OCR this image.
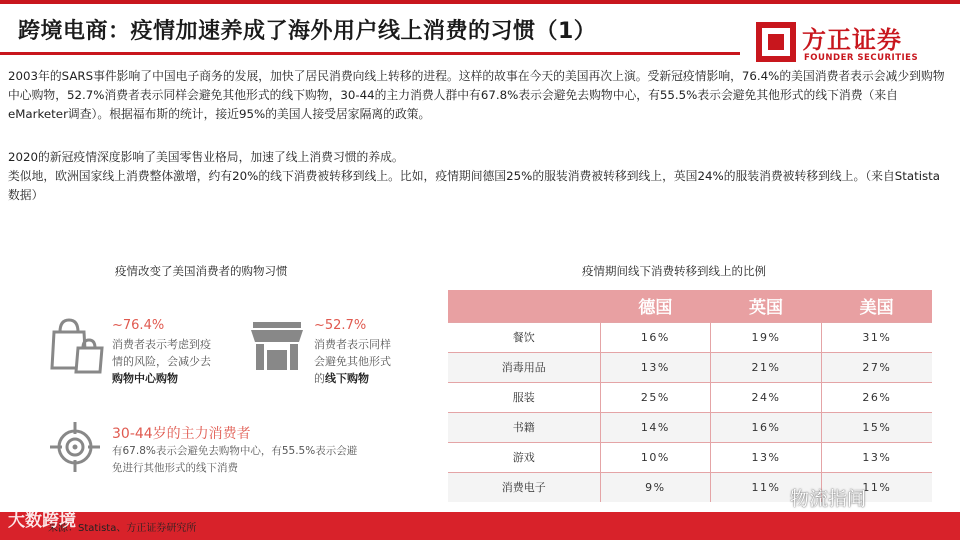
跨境电商：疫情加速养成了海外用户线上消费的习惯（1）	方正证券
FOUNDER SECURITIES
2003年的SARS事件影响了中国电子商务的发展，加快了居民消费向线上转移的进程。这样的故事在今天的美国再次上演。受新冠疫情影响，76.4%的美国消费者表示会减少到购物中心购物，52.7%消费者表示同样会避免其他形式的线下购物，30-44的主力消费人群中有67.8%表示会避免去购物中心，有55.5%表示会避免其他形式的线下消费（来自eMarketer调查）。根据福布斯的统计，接近95%的美国人接受居家隔离的政策。
2020的新冠疫情深度影响了美国零售业格局，加速了线上消费习惯的养成。
类似地，欧洲国家线上消费整体激增，约有20%的线下消费被转移到线上。比如，疫情期间德国25%的服装消费被转移到线上，英国24%的服装消费被转移到线上。（来自Statista数据）
疫情改变了美国消费者的购物习惯
~76.4%
消费者表示考虑到疫
情的风险，会减少去
购物中心购物
~52.7%
消费者表示同样
会避免其他形式
的线下购物
30-44岁的主力消费者
有67.8%表示会避免去购物中心，有55.5%表示会避
免进行其他形式的线下消费
疫情期间线下消费转移到线上的比例
	德国	英国	美国
餐饮	16%	19%	31%
消毒用品	13%	21%	27%
服装	25%	24%	26%
书籍	14%	16%	15%
游戏	10%	13%	13%
消费电子	9%	11%	11%
来源：Statista、方正证券研究所
大数跨境
物流指闻
